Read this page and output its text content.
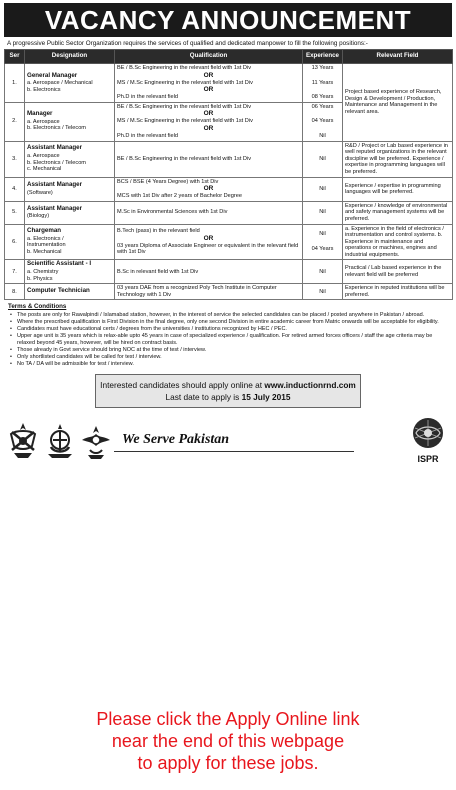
VACANCY ANNOUNCEMENT
A progressive Public Sector Organization requires the services of qualified and dedicated manpower to fill the following positions:-
Ser	Designation	Qualification	Experience	Relevant Field
1.	General Manager
a. Aerospace / Mechanical
b. Electronics	BE / B.Sc Engineering in the relevant field with 1st Div
OR
MS / M.Sc Engineering in the relevant field with 1st Div
OR
Ph.D in the relevant field	13 Years
11 Years
08 Years	Project based experience of Research, Design & Development / Production, Maintenance and Management in the relevant area.
2.	Manager
a. Aerospace
b. Electronics / Telecom	BE / B.Sc Engineering in the relevant field with 1st Div
OR
MS / M.Sc Engineering in the relevant field with 1st Div
OR
Ph.D in the relevant field	06 Years
04 Years
Nil	

3.	Assistant Manager
a. Aerospace
b. Electronics / Telecom
c. Mechanical	BE / B.Sc Engineering in the relevant field with 1st Div	Nil	R&D / Project or Lab based experience in well reputed organizations in the relevant discipline will be preferred. Experience / expertise in programming languages will be preferred.
4.	Assistant Manager
(Software)	BCS / BSE (4 Years Degree) with 1st Div
OR
MCS with 1st Div after 2 years of Bachelor Degree	Nil	Experience / expertise in programming languages will be preferred.
5.	Assistant Manager
(Biology)	M.Sc in Environmental Sciences with 1st Div	Nil	Experience / knowledge of environmental and safety management systems will be preferred.
6.	Chargeman
a. Electronics /
Instrumentation
b. Mechanical	B.Tech (pass) in the relevant field
OR
03 years Diploma of Associate Engineer or equivalent in the relevant field with 1st Div	Nil
04 Years	a. Experience in the field of electronics / instrumentation and control systems. b. Experience in maintenance and operations or machines, engines and industrial equipments.
7.	Scientific Assistant - I
a. Chemistry
b. Physics	B.Sc in relevant field with 1st Div	Nil	Practical / Lab based experience in the relevant field will be preferred
8.	Computer Technician	03 years DAE from a recognized Poly Tech Institute in Computer Technology with 1 Div	Nil	Experience in reputed institutions will be preferred.
Terms & Conditions
• The posts are only for Rawalpindi / Islamabad station, however, in the interest of service the selected candidates can be placed / posted anywhere in Pakistan / abroad.
• Where the prescribed qualification is First Division in the final degree, only one second Division in entire academic career from Matric onwards will be acceptable for eligibility.
• Candidates must have educational certs / degrees from the universities / institutions recognized by HEC / PEC.
• Upper age unit is 35 years which is relax-able upto 45 years in case of specialized experience / qualification. For retired armed forces officers / staff the age criteria may be relaxed beyond 45 years, however, will be hired on contract basis.
• Those already in Govt service should bring NOC at the time of test / interview.
• Only shortlisted candidates will be called for test / interview.
• No TA / DA will be admissible for test / interview.
Interested candidates should apply online at www.inductionrnd.com
Last date to apply is 15 July 2015
We Serve Pakistan
ISPR
Please click the Apply Online link
near the end of this webpage
to apply for these jobs.
